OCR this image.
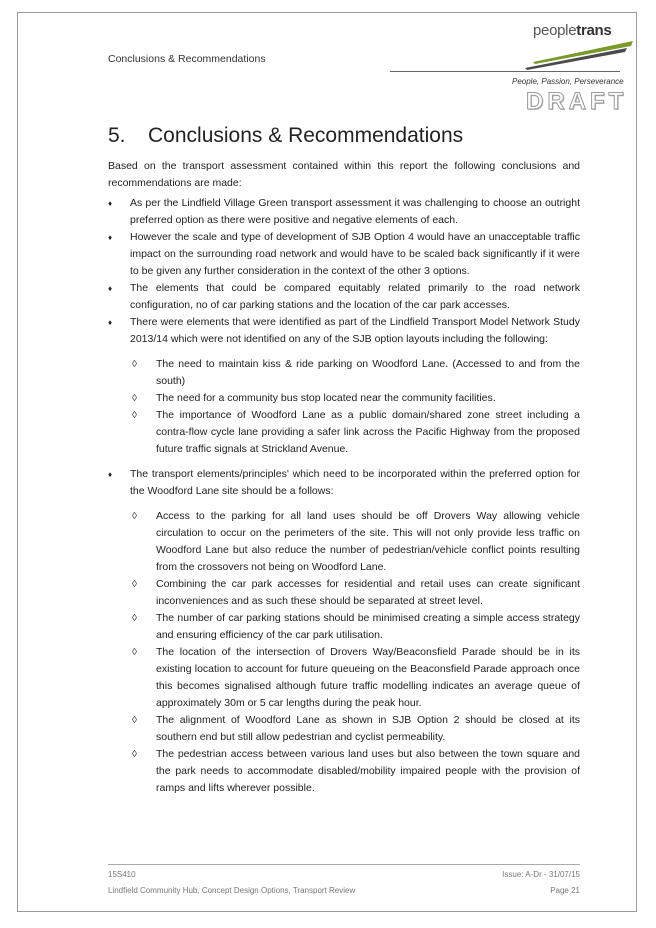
Conclusions & Recommendations
peopletrans
People, Passion, Perseverance
DRAFT
5. Conclusions & Recommendations

Based on the transport assessment contained within this report the following conclusions and recommendations are made:

♦ As per the Lindfield Village Green transport assessment it was challenging to choose an outright preferred option as there were positive and negative elements of each.
♦ However the scale and type of development of SJB Option 4 would have an unacceptable traffic impact on the surrounding road network and would have to be scaled back significantly if it were to be given any further consideration in the context of the other 3 options.
♦ The elements that could be compared equitably related primarily to the road network configuration, no of car parking stations and the location of the car park accesses.
♦ There were elements that were identified as part of the Lindfield Transport Model Network Study 2013/14 which were not identified on any of the SJB option layouts including the following:
◊ The need to maintain kiss & ride parking on Woodford Lane. (Accessed to and from the south)
◊ The need for a community bus stop located near the community facilities.
◊ The importance of Woodford Lane as a public domain/shared zone street including a contra-flow cycle lane providing a safer link across the Pacific Highway from the proposed future traffic signals at Strickland Avenue.
♦ The transport elements/principles' which need to be incorporated within the preferred option for the Woodford Lane site should be a follows:
◊ Access to the parking for all land uses should be off Drovers Way allowing vehicle circulation to occur on the perimeters of the site. This will not only provide less traffic on Woodford Lane but also reduce the number of pedestrian/vehicle conflict points resulting from the crossovers not being on Woodford Lane.
◊ Combining the car park accesses for residential and retail uses can create significant inconveniences and as such these should be separated at street level.
◊ The number of car parking stations should be minimised creating a simple access strategy and ensuring efficiency of the car park utilisation.
◊ The location of the intersection of Drovers Way/Beaconsfield Parade should be in its existing location to account for future queueing on the Beaconsfield Parade approach once this becomes signalised although future traffic modelling indicates an average queue of approximately 30m or 5 car lengths during the peak hour.
◊ The alignment of Woodford Lane as shown in SJB Option 2 should be closed at its southern end but still allow pedestrian and cyclist permeability.
◊ The pedestrian access between various land uses but also between the town square and the park needs to accommodate disabled/mobility impaired people with the provision of ramps and lifts wherever possible.
15S410	Issue: A-Dr - 31/07/15
Lindfield Community Hub, Concept Design Options, Transport Review	Page 21
